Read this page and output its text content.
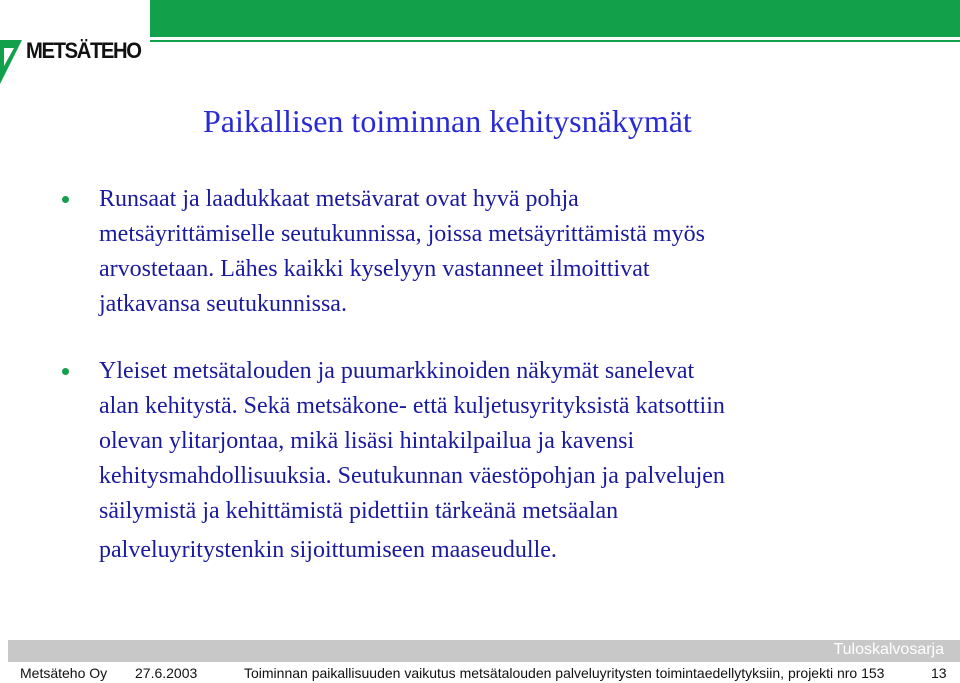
METSÄTEHO
Paikallisen toiminnan kehitysnäkymät
Runsaat ja laadukkaat metsävarat ovat hyvä pohja
metsäyrittämiselle seutukunnissa, joissa metsäyrittämistä myös
arvostetaan. Lähes kaikki kyselyyn vastanneet ilmoittivat
jatkavansa seutukunnissa.
Yleiset metsätalouden ja puumarkkinoiden näkymät sanelevat
alan kehitystä. Sekä metsäkone- että kuljetusyrityksistä katsottiin
olevan ylitarjontaa, mikä lisäsi hintakilpailua ja kavensi
kehitysmahdollisuuksia. Seutukunnan väestöpohjan ja palvelujen
säilymistä ja kehittämistä pidettiin tärkeänä metsäalan
palveluyritystenkin sijoittumiseen maaseudulle.
Tuloskalvosarja
Metsäteho Oy 27.6.2003	Toiminnan paikallisuuden vaikutus metsätalouden palveluyritysten toimintaedellytyksiin, projekti nro 153	13
